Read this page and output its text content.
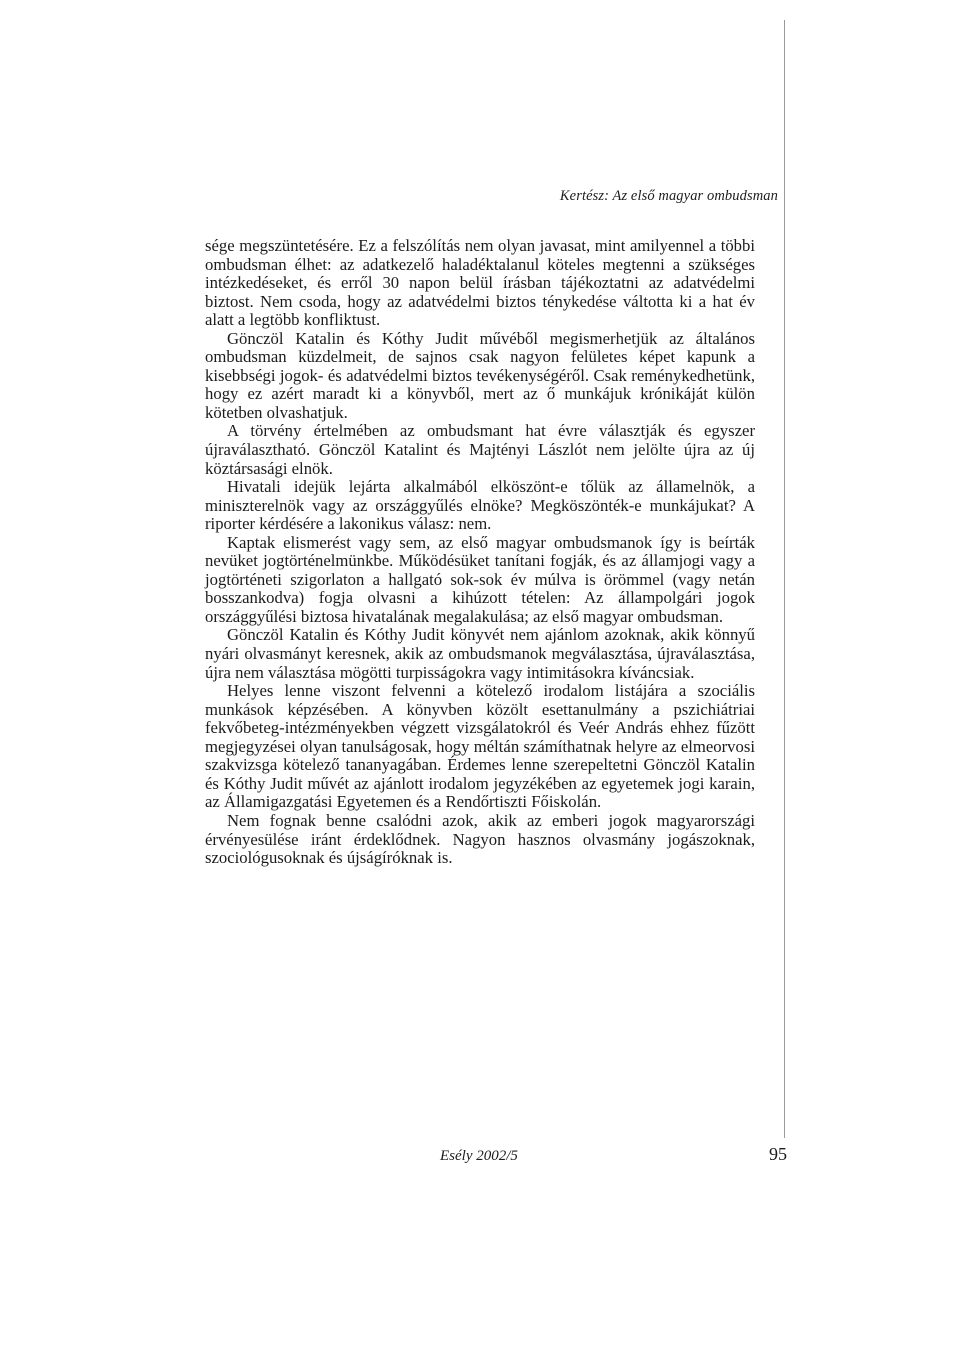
Kertész: Az első magyar ombudsman

sége megszüntetésére. Ez a felszólítás nem olyan javasat, mint amilyennel a többi ombudsman élhet: az adatkezelő haladéktalanul köteles megtenni a szükséges intézkedéseket, és erről 30 napon belül írásban tájékoztatni az adatvédelmi biztost. Nem csoda, hogy az adatvédelmi biztos ténykedése váltotta ki a hat év alatt a legtöbb konfliktust.

Gönczöl Katalin és Kóthy Judit művéből megismerhetjük az általános ombudsman küzdelmeit, de sajnos csak nagyon felületes képet kapunk a kisebbségi jogok- és adatvédelmi biztos tevékenységéről. Csak reménykedhetünk, hogy ez azért maradt ki a könyvből, mert az ő munkájuk krónikáját külön kötetben olvashatjuk.

A törvény értelmében az ombudsmant hat évre választják és egyszer újraválasztható. Gönczöl Katalint és Majtényi Lászlót nem jelölte újra az új köztársasági elnök.

Hivatali idejük lejárta alkalmából elköszönt-e tőlük az államelnök, a miniszterelnök vagy az országgyűlés elnöke? Megköszönték-e munkájukat? A riporter kérdésére a lakonikus válasz: nem.

Kaptak elismerést vagy sem, az első magyar ombudsmanok így is beírták nevüket jogtörténelmünkbe. Működésüket tanítani fogják, és az államjogi vagy a jogtörténeti szigorlaton a hallgató sok-sok év múlva is örömmel (vagy netán bosszankodva) fogja olvasni a kihúzott tételen: Az állampolgári jogok országgyűlési biztosa hivatalának megalakulása; az első magyar ombudsman.

Gönczöl Katalin és Kóthy Judit könyvét nem ajánlom azoknak, akik könnyű nyári olvasmányt keresnek, akik az ombudsmanok megválasztása, újraválasztása, újra nem választása mögötti turpisságokra vagy intimitásokra kíváncsiak.

Helyes lenne viszont felvenni a kötelező irodalom listájára a szociális munkások képzésében. A könyvben közölt esettanulmány a pszichiátriai fekvőbeteg-intézményekben végzett vizsgálatokról és Veér András ehhez fűzött megjegyzései olyan tanulságosak, hogy méltán számíthatnak helyre az elmeorvosi szakvizsga kötelező tananyagában. Érdemes lenne szerepeltetni Gönczöl Katalin és Kóthy Judit művét az ajánlott irodalom jegyzékében az egyetemek jogi karain, az Államigazgatási Egyetemen és a Rendőrtiszti Főiskolán.

Nem fognak benne csalódni azok, akik az emberi jogok magyarországi érvényesülése iránt érdeklődnek. Nagyon hasznos olvasmány jogászoknak, szociológusoknak és újságíróknak is.

Esély 2002/5	95
